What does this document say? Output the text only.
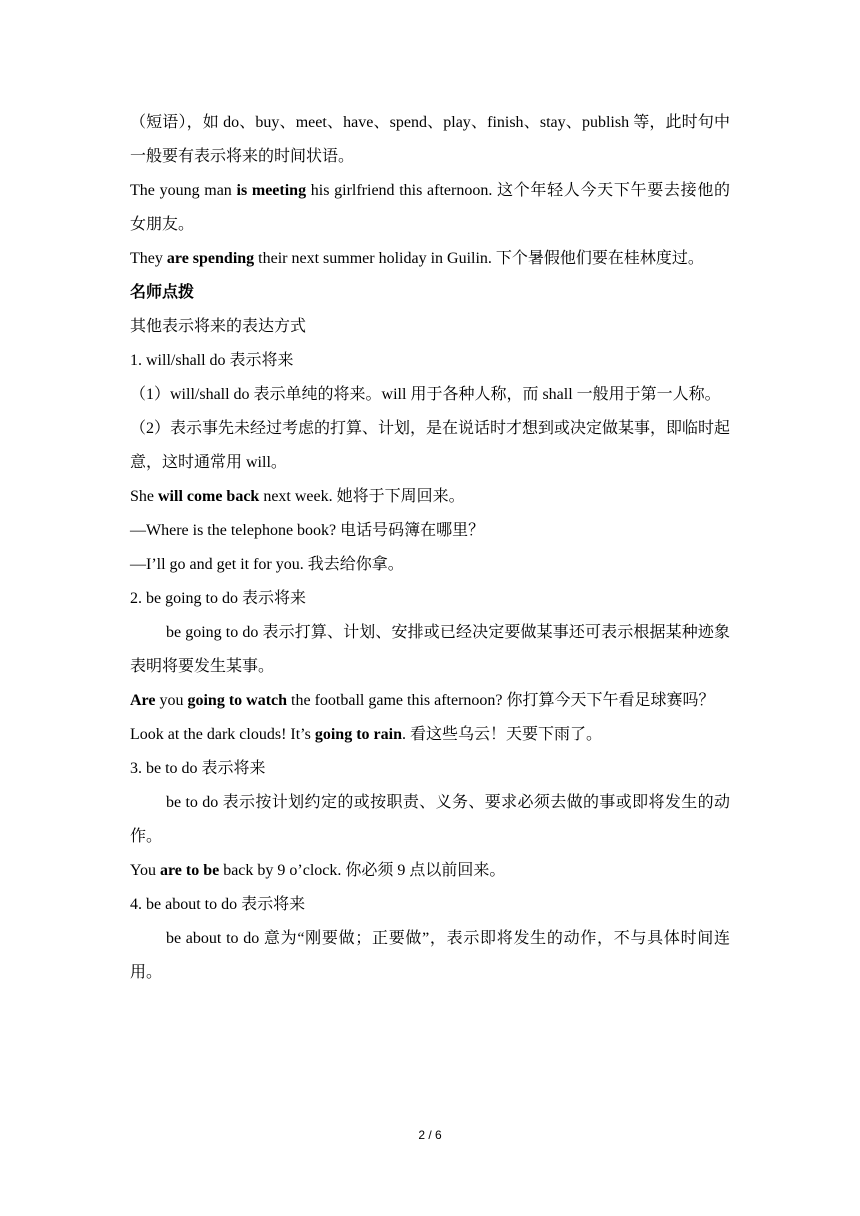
（短语），如 do、buy、meet、have、spend、play、finish、stay、publish 等，此时句中一般要有表示将来的时间状语。

The young man is meeting his girlfriend this afternoon. 这个年轻人今天下午要去接他的女朋友。

They are spending their next summer holiday in Guilin. 下个暑假他们要在桂林度过。

名师点拨

其他表示将来的表达方式

1. will/shall do 表示将来

（1）will/shall do 表示单纯的将来。will 用于各种人称，而 shall 一般用于第一人称。

（2）表示事先未经过考虑的打算、计划，是在说话时才想到或决定做某事，即临时起意，这时通常用 will。

She will come back next week. 她将于下周回来。

—Where is the telephone book? 电话号码簿在哪里？

—I’ll go and get it for you. 我去给你拿。

2. be going to do 表示将来

be going to do 表示打算、计划、安排或已经决定要做某事还可表示根据某种迹象表明将要发生某事。

Are you going to watch the football game this afternoon? 你打算今天下午看足球赛吗？

Look at the dark clouds! It’s going to rain. 看这些乌云！天要下雨了。

3. be to do 表示将来

be to do 表示按计划约定的或按职责、义务、要求必须去做的事或即将发生的动作。

You are to be back by 9 o’clock. 你必须 9 点以前回来。

4. be about to do 表示将来

be about to do 意为“刚要做；正要做”，表示即将发生的动作，不与具体时间连用。

2 / 6
